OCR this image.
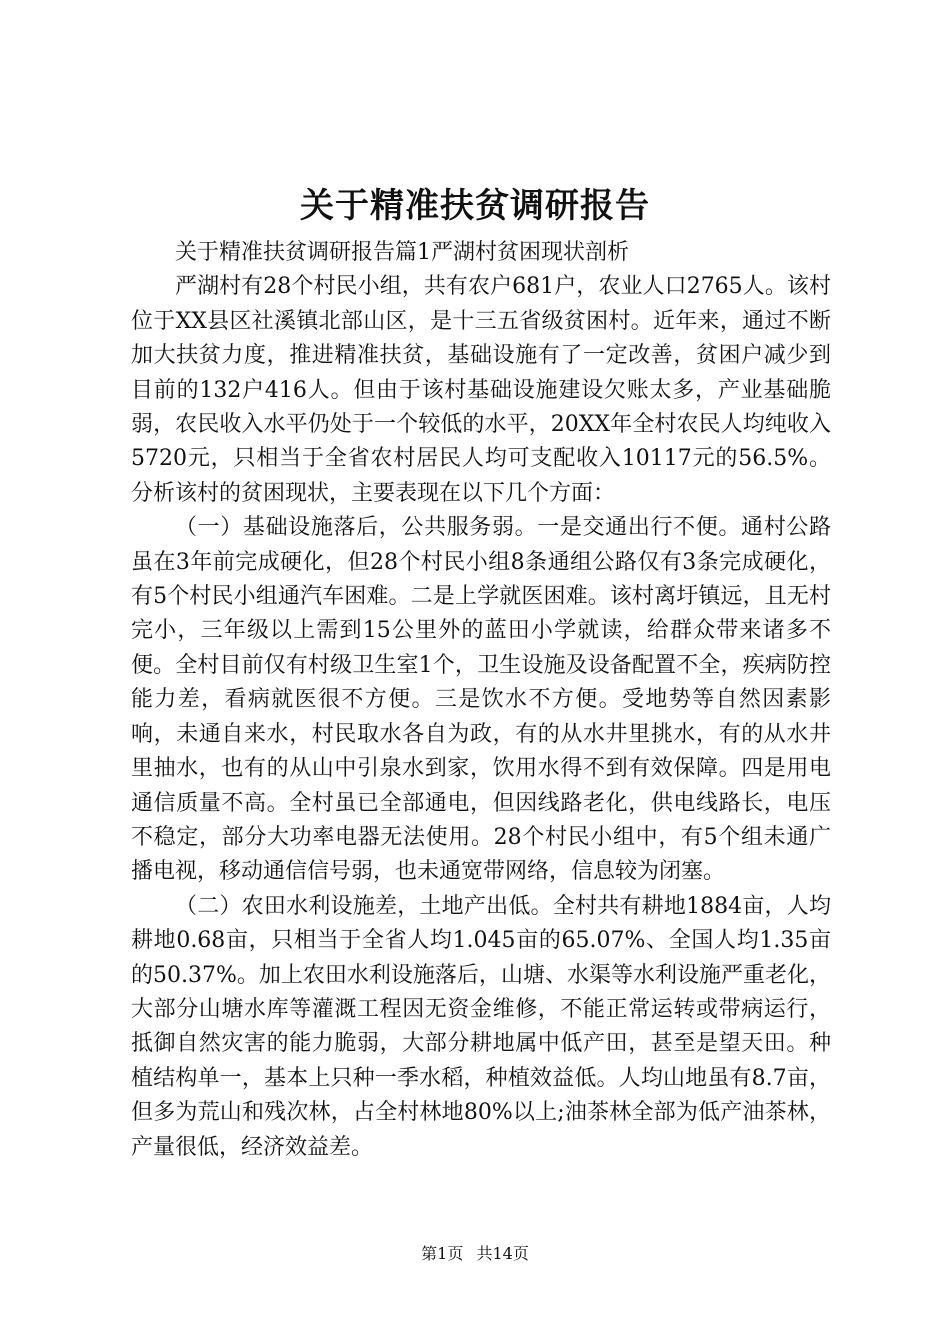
关于精准扶贫调研报告

关于精准扶贫调研报告篇1严湖村贫困现状剖析

严湖村有28个村民小组，共有农户681户，农业人口2765人。该村位于XX县区社溪镇北部山区，是十三五省级贫困村。近年来，通过不断加大扶贫力度，推进精准扶贫，基础设施有了一定改善，贫困户减少到目前的132户416人。但由于该村基础设施建设欠账太多，产业基础脆弱，农民收入水平仍处于一个较低的水平，20XX年全村农民人均纯收入5720元，只相当于全省农村居民人均可支配收入10117元的56.5%。分析该村的贫困现状，主要表现在以下几个方面：

（一）基础设施落后，公共服务弱。一是交通出行不便。通村公路虽在3年前完成硬化，但28个村民小组8条通组公路仅有3条完成硬化，有5个村民小组通汽车困难。二是上学就医困难。该村离圩镇远，且无村完小，三年级以上需到15公里外的蓝田小学就读，给群众带来诸多不便。全村目前仅有村级卫生室1个，卫生设施及设备配置不全，疾病防控能力差，看病就医很不方便。三是饮水不方便。受地势等自然因素影响，未通自来水，村民取水各自为政，有的从水井里挑水，有的从水井里抽水，也有的从山中引泉水到家，饮用水得不到有效保障。四是用电通信质量不高。全村虽已全部通电，但因线路老化，供电线路长，电压不稳定，部分大功率电器无法使用。28个村民小组中，有5个组未通广播电视，移动通信信号弱，也未通宽带网络，信息较为闭塞。

（二）农田水利设施差，土地产出低。全村共有耕地1884亩，人均耕地0.68亩，只相当于全省人均1.045亩的65.07%、全国人均1.35亩的50.37%。加上农田水利设施落后，山塘、水渠等水利设施严重老化，大部分山塘水库等灌溉工程因无资金维修，不能正常运转或带病运行，抵御自然灾害的能力脆弱，大部分耕地属中低产田，甚至是望天田。种植结构单一，基本上只种一季水稻，种植效益低。人均山地虽有8.7亩，但多为荒山和残次林，占全村林地80%以上;油茶林全部为低产油茶林，产量很低，经济效益差。

第1页 共14页
